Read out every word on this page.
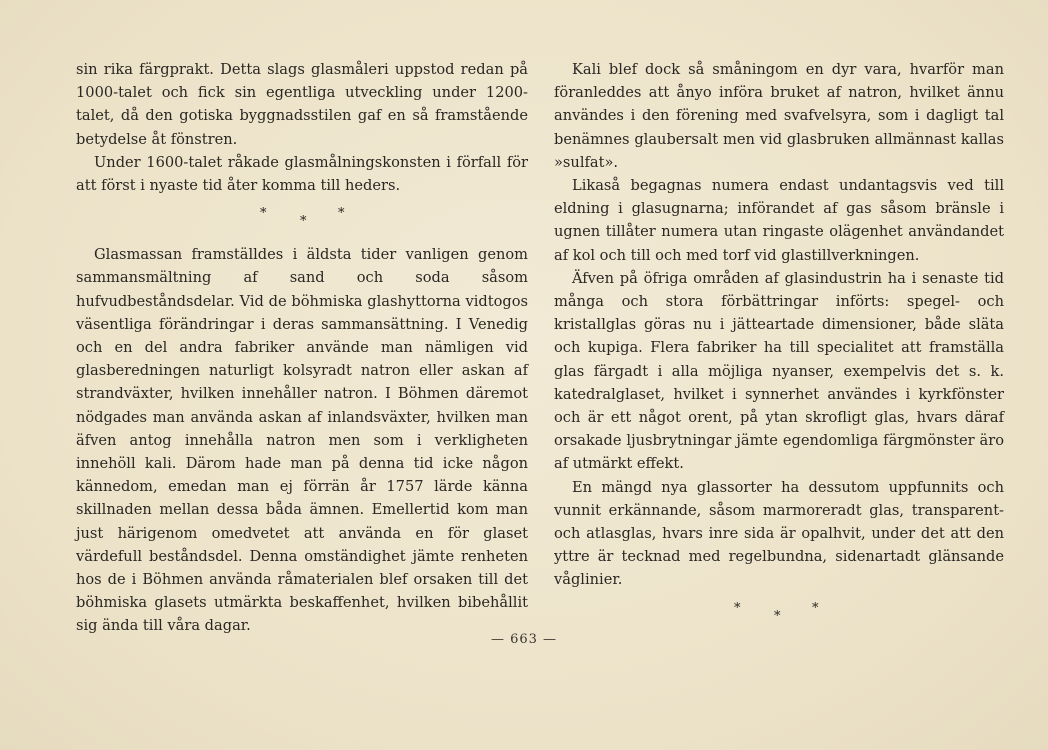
sin rika färgprakt. Detta slags glasmåleri uppstod redan på 1000-talet och fick sin egentliga utveckling under 1200-talet, då den gotiska byggnadsstilen gaf en så framstående betydelse åt fönstren.

Under 1600-talet råkade glasmålningskonsten i förfall för att först i nyaste tid åter komma till heders.

*
*
*

Glasmassan framställdes i äldsta tider vanligen genom sammansmältning af sand och soda såsom hufvudbeståndsdelar. Vid de böhmiska glashyttorna vidtogos väsentliga förändringar i deras sammansättning. I Venedig och en del andra fabriker använde man nämligen vid glasberedningen naturligt kolsyradt natron eller askan af strandväxter, hvilken innehåller natron. I Böhmen däremot nödgades man använda askan af inlandsväxter, hvilken man äfven antog innehålla natron men som i verkligheten innehöll kali. Därom hade man på denna tid icke någon kännedom, emedan man ej förrän år 1757 lärde känna skillnaden mellan dessa båda ämnen. Emellertid kom man just härigenom omedvetet att använda en för glaset värdefull beståndsdel. Denna omständighet jämte renheten hos de i Böhmen använda råmaterialen blef orsaken till det böhmiska glasets utmärkta beskaffenhet, hvilken bibehållit sig ända till våra dagar.

Kali blef dock så småningom en dyr vara, hvarför man föranleddes att ånyo införa bruket af natron, hvilket ännu användes i den förening med svafvelsyra, som i dagligt tal benämnes glaubersalt men vid glasbruken allmännast kallas »sulfat».

Likaså begagnas numera endast undantagsvis ved till eldning i glasugnarna; införandet af gas såsom bränsle i ugnen tillåter numera utan ringaste olägenhet användandet af kol och till och med torf vid glastillverkningen.

Äfven på öfriga områden af glasindustrin ha i senaste tid många och stora förbättringar införts: spegel- och kristallglas göras nu i jätteartade dimensioner, både släta och kupiga. Flera fabriker ha till specialitet att framställa glas färgadt i alla möjliga nyanser, exempelvis det s. k. katedralglaset, hvilket i synnerhet användes i kyrkfönster och är ett något orent, på ytan skrofligt glas, hvars däraf orsakade ljusbrytningar jämte egendomliga färgmönster äro af utmärkt effekt.

En mängd nya glassorter ha dessutom uppfunnits och vunnit erkännande, såsom marmoreradt glas, transparent- och atlasglas, hvars inre sida är opalhvit, under det att den yttre är tecknad med regelbundna, sidenartadt glänsande våglinier.

*
*
*
— 663 —
